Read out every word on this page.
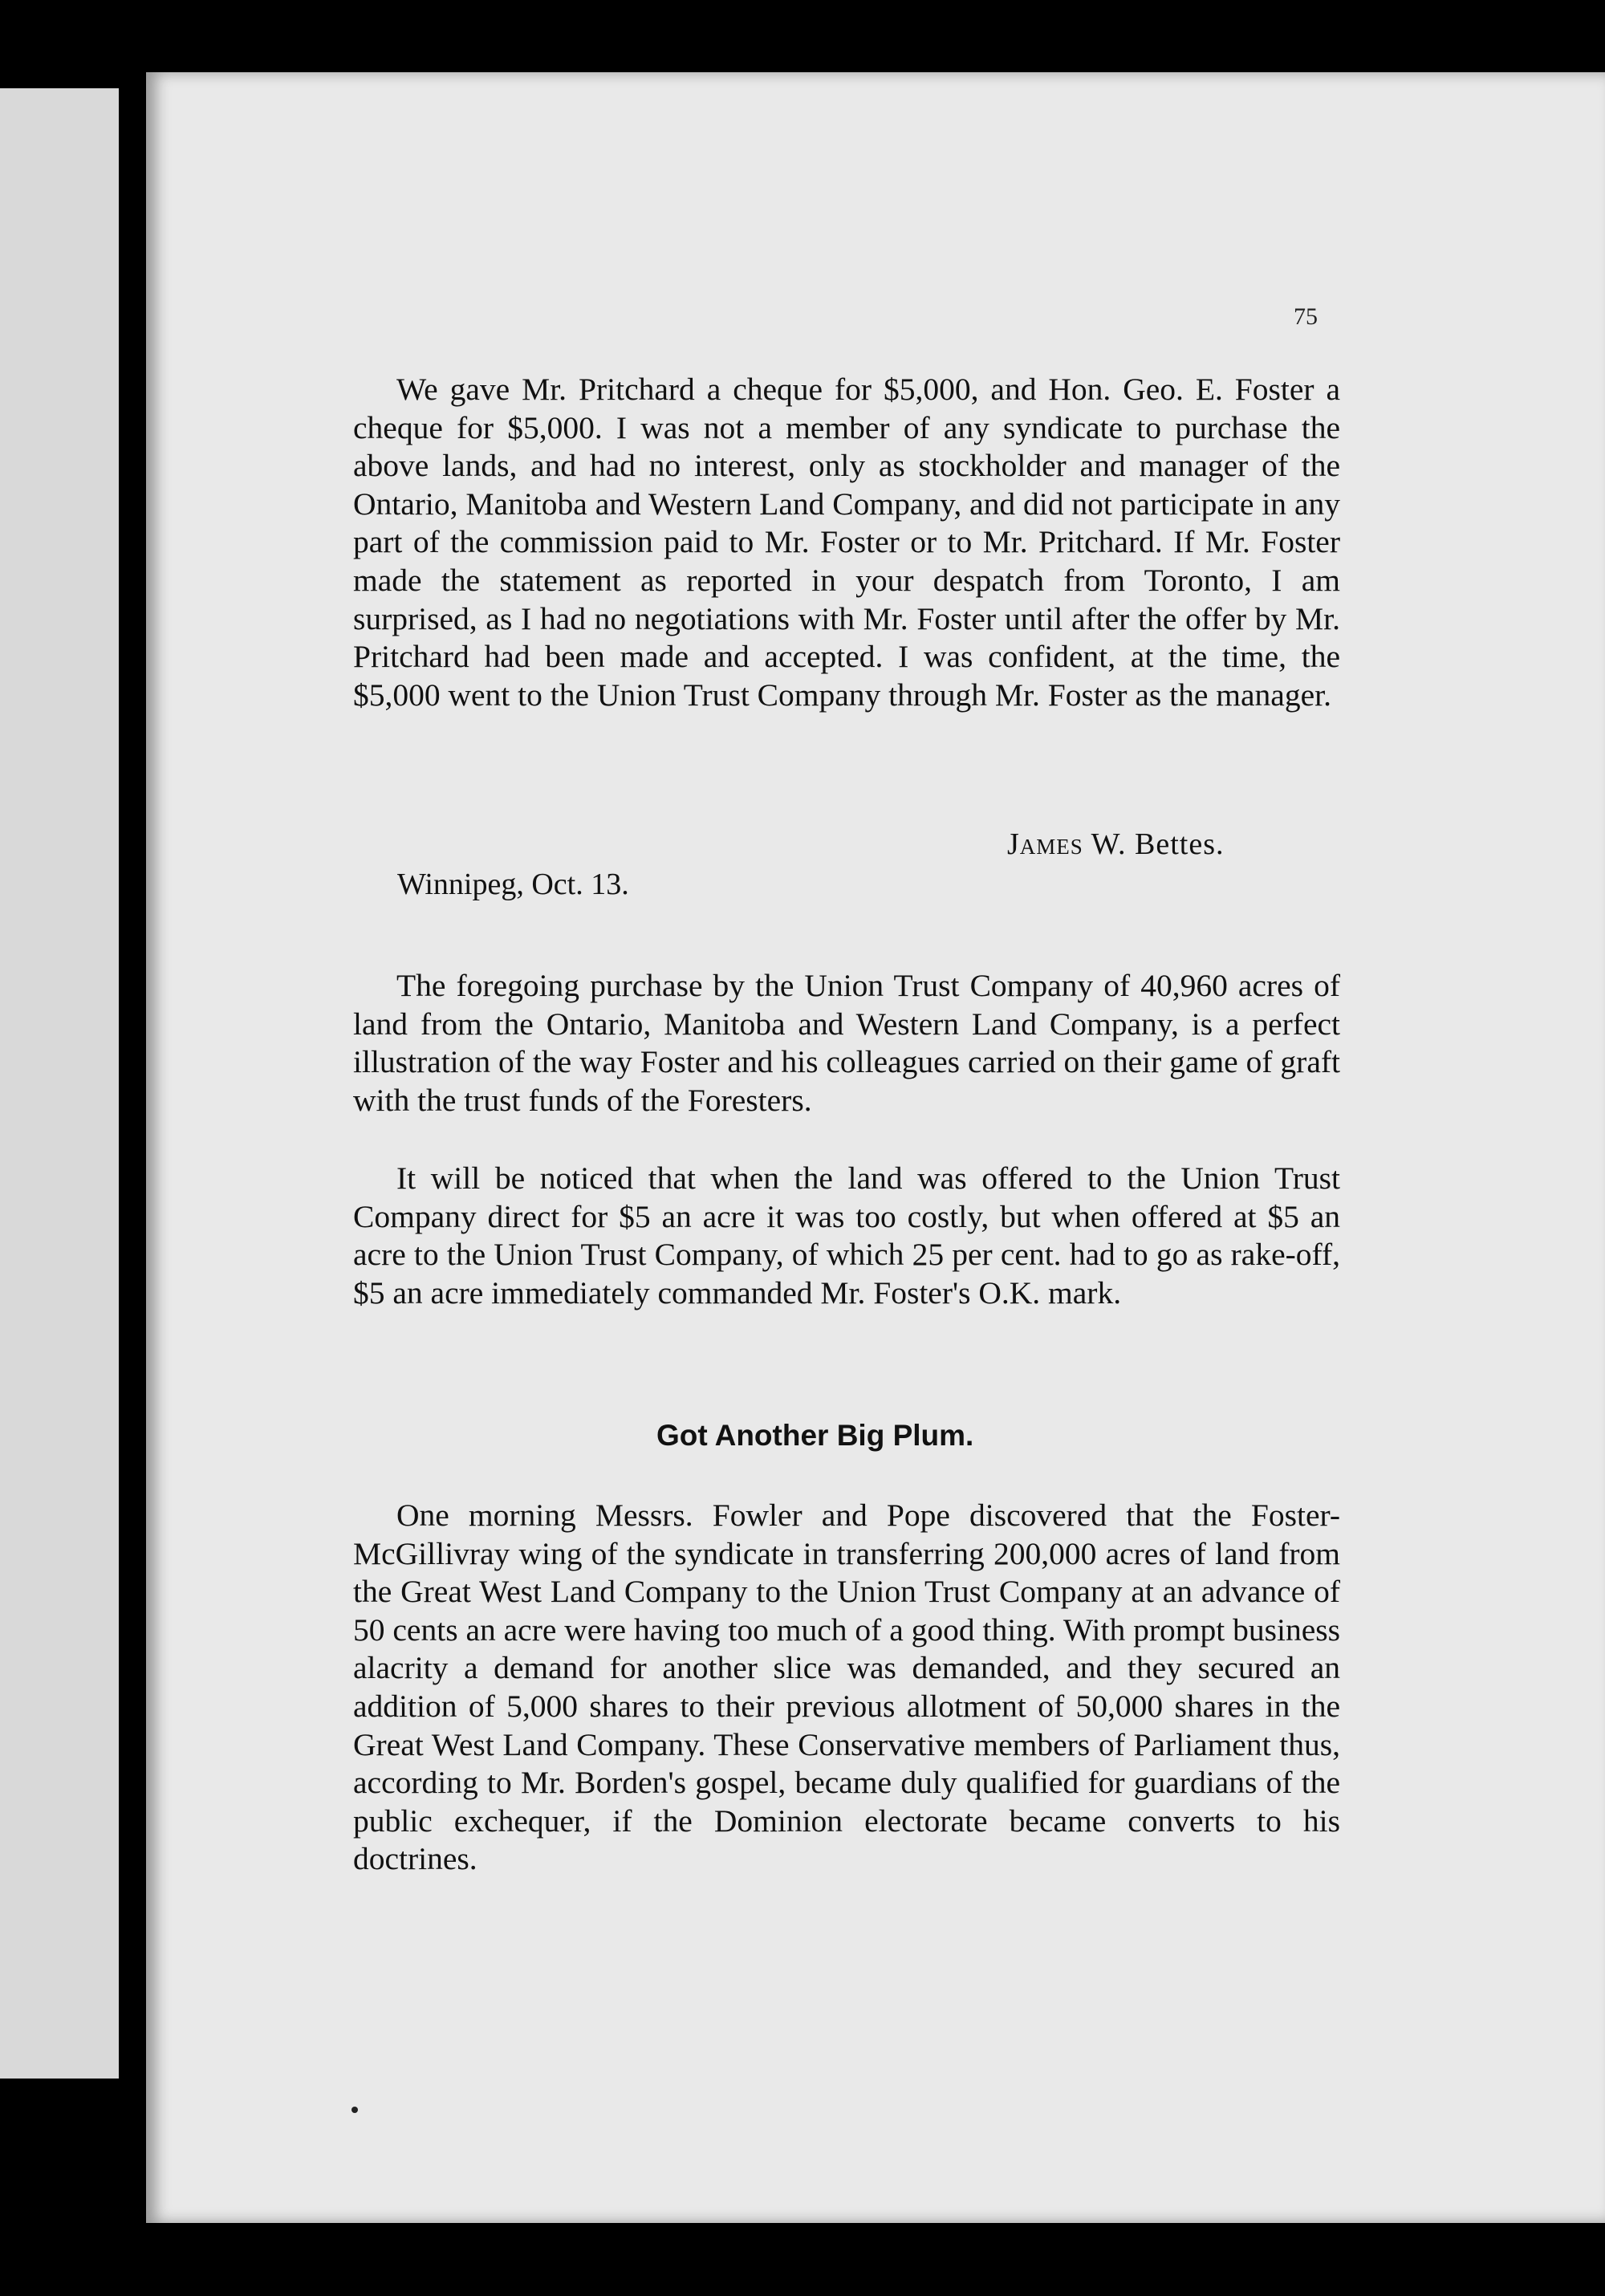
75
We gave Mr. Pritchard a cheque for $5,000, and Hon. Geo. E. Foster a cheque for $5,000. I was not a member of any syndicate to purchase the above lands, and had no interest, only as stockholder and manager of the Ontario, Manitoba and Western Land Company, and did not participate in any part of the commission paid to Mr. Foster or to Mr. Pritchard. If Mr. Foster made the statement as reported in your despatch from Toronto, I am surprised, as I had no negotiations with Mr. Foster until after the offer by Mr. Pritchard had been made and accepted. I was confident, at the time, the $5,000 went to the Union Trust Company through Mr. Foster as the manager.
James W. Bettes.
Winnipeg, Oct. 13.
The foregoing purchase by the Union Trust Company of 40,960 acres of land from the Ontario, Manitoba and Western Land Company, is a perfect illustration of the way Foster and his colleagues carried on their game of graft with the trust funds of the Foresters.
It will be noticed that when the land was offered to the Union Trust Company direct for $5 an acre it was too costly, but when offered at $5 an acre to the Union Trust Company, of which 25 per cent. had to go as rake-off, $5 an acre immediately commanded Mr. Foster's O.K. mark.
Got Another Big Plum.
One morning Messrs. Fowler and Pope discovered that the Foster-McGillivray wing of the syndicate in transferring 200,000 acres of land from the Great West Land Company to the Union Trust Company at an advance of 50 cents an acre were having too much of a good thing. With prompt business alacrity a demand for another slice was demanded, and they secured an addition of 5,000 shares to their previous allotment of 50,000 shares in the Great West Land Company. These Conservative members of Parliament thus, according to Mr. Borden's gospel, became duly qualified for guardians of the public exchequer, if the Dominion electorate became converts to his doctrines.
